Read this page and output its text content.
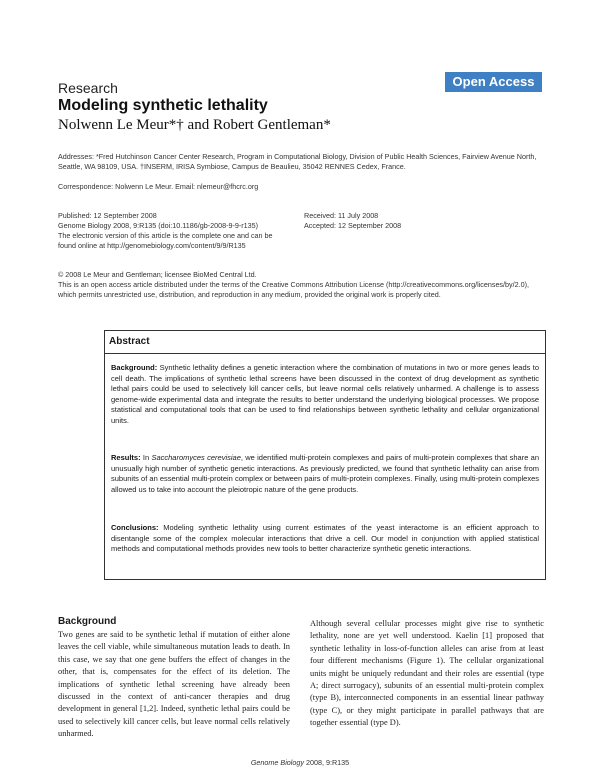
Open Access
Research
Modeling synthetic lethality
Nolwenn Le Meur*† and Robert Gentleman*
Addresses: *Fred Hutchinson Cancer Center Research, Program in Computational Biology, Division of Public Health Sciences, Fairview Avenue North, Seattle, WA 98109, USA. †INSERM, IRISA Symbiose, Campus de Beaulieu, 35042 RENNES Cedex, France.
Correspondence: Nolwenn Le Meur. Email: nlemeur@fhcrc.org
Published: 12 September 2008
Genome Biology 2008, 9:R135 (doi:10.1186/gb-2008-9-9-r135)
The electronic version of this article is the complete one and can be
found online at http://genomebiology.com/content/9/9/R135
Received: 11 July 2008
Accepted: 12 September 2008
© 2008 Le Meur and Gentleman; licensee BioMed Central Ltd.
This is an open access article distributed under the terms of the Creative Commons Attribution License (http://creativecommons.org/licenses/by/2.0), which permits unrestricted use, distribution, and reproduction in any medium, provided the original work is properly cited.
Abstract
Background: Synthetic lethality defines a genetic interaction where the combination of mutations in two or more genes leads to cell death. The implications of synthetic lethal screens have been discussed in the context of drug development as synthetic lethal pairs could be used to selectively kill cancer cells, but leave normal cells relatively unharmed. A challenge is to assess genome-wide experimental data and integrate the results to better understand the underlying biological processes. We propose statistical and computational tools that can be used to find relationships between synthetic lethality and cellular organizational units.
Results: In Saccharomyces cerevisiae, we identified multi-protein complexes and pairs of multi-protein complexes that share an unusually high number of synthetic genetic interactions. As previously predicted, we found that synthetic lethality can arise from subunits of an essential multi-protein complex or between pairs of multi-protein complexes. Finally, using multi-protein complexes allowed us to take into account the pleiotropic nature of the gene products.
Conclusions: Modeling synthetic lethality using current estimates of the yeast interactome is an efficient approach to disentangle some of the complex molecular interactions that drive a cell. Our model in conjunction with applied statistical methods and computational methods provides new tools to better characterize synthetic genetic interactions.
Background
Two genes are said to be synthetic lethal if mutation of either alone leaves the cell viable, while simultaneous mutation leads to death. In this case, we say that one gene buffers the effect of changes in the other, that is, compensates for the effect of its deletion. The implications of synthetic lethal screening have already been discussed in the context of anti-cancer therapies and drug development in general [1,2]. Indeed, synthetic lethal pairs could be used to selectively kill cancer cells, but leave normal cells relatively unharmed.
Although several cellular processes might give rise to synthetic lethality, none are yet well understood. Kaelin [1] proposed that synthetic lethality in loss-of-function alleles can arise from at least four different mechanisms (Figure 1). The cellular organizational units might be uniquely redundant and their roles are essential (type A; direct surrogacy), subunits of an essential multi-protein complex (type B), interconnected components in an essential linear pathway (type C), or they might participate in parallel pathways that are together essential (type D).
Genome Biology 2008, 9:R135
